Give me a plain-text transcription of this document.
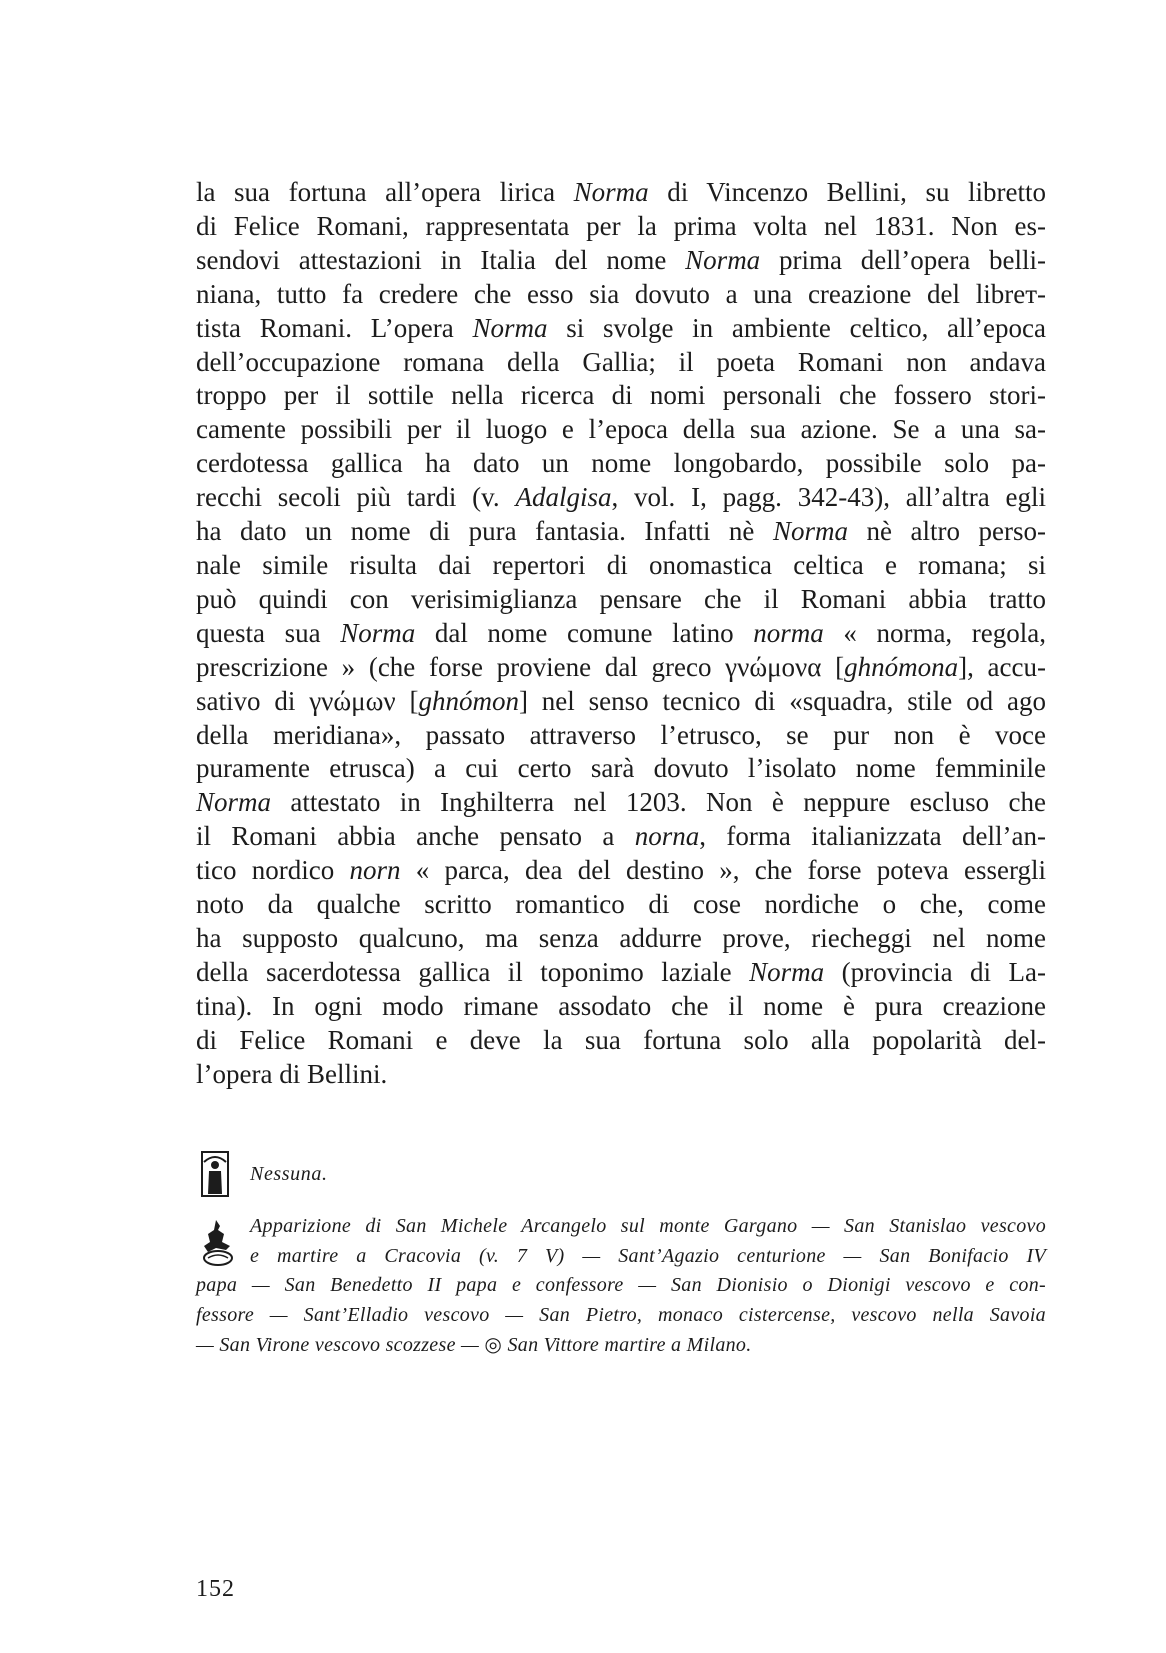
la sua fortuna all’opera lirica Norma di Vincenzo Bellini, su libretto
di Felice Romani, rappresentata per la prima volta nel 1831. Non es-
sendovi attestazioni in Italia del nome Norma prima dell’opera belli-
niana, tutto fa credere che esso sia dovuto a una creazione del librет-
tista Romani. L’opera Norma si svolge in ambiente celtico, all’epoca
dell’occupazione romana della Gallia; il poeta Romani non andava
troppo per il sottile nella ricerca di nomi personali che fossero stori-
camente possibili per il luogo e l’epoca della sua azione. Se a una sa-
cerdotessa gallica ha dato un nome longobardo, possibile solo pa-
recchi secoli più tardi (v. Adalgisa, vol. I, pagg. 342-43), all’altra egli
ha dato un nome di pura fantasia. Infatti nè Norma nè altro perso-
nale simile risulta dai repertori di onomastica celtica e romana; si
può quindi con verisimiglianza pensare che il Romani abbia tratto
questa sua Norma dal nome comune latino norma « norma, regola,
prescrizione » (che forse proviene dal greco γνώμονα [ghnómona], accu-
sativo di γνώμων [ghnómon] nel senso tecnico di «squadra, stile od ago
della meridiana», passato attraverso l’etrusco, se pur non è voce
puramente etrusca) a cui certo sarà dovuto l’isolato nome femminile
Norma attestato in Inghilterra nel 1203. Non è neppure escluso che
il Romani abbia anche pensato a norna, forma italianizzata dell’an-
tico nordico norn « parca, dea del destino », che forse poteva essergli
noto da qualche scritto romantico di cose nordiche o che, come
ha supposto qualcuno, ma senza addurre prove, riecheggi nel nome
della sacerdotessa gallica il toponimo laziale Norma (provincia di La-
tina). In ogni modo rimane assodato che il nome è pura creazione
di Felice Romani e deve la sua fortuna solo alla popolarità del-
l’opera di Bellini.
Nessuna.
Apparizione di San Michele Arcangelo sul monte Gargano — San Stanislao vescovo
e martire a Cracovia (v. 7 V) — Sant’Agazio centurione — San Bonifacio IV
papa — San Benedetto II papa e confessore — San Dionisio o Dionigi vescovo e con-
fessore — Sant’Elladio vescovo — San Pietro, monaco cistercense, vescovo nella Savoia
— San Virone vescovo scozzese — ◎ San Vittore martire a Milano.
152
